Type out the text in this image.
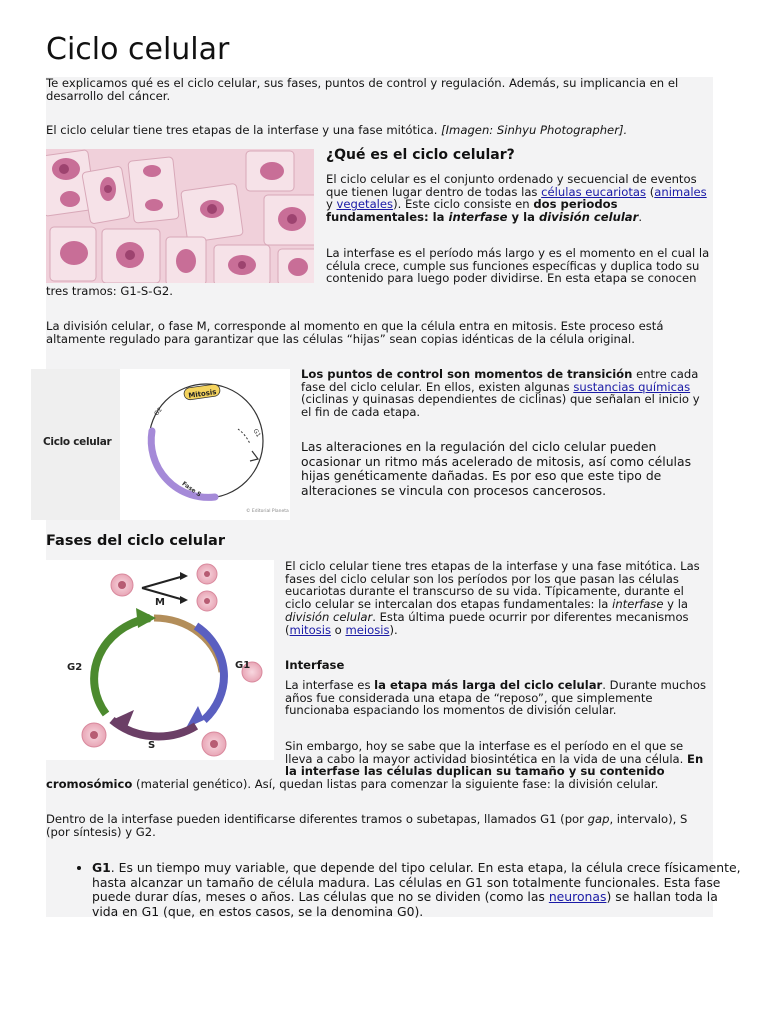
Ciclo celular
Te explicamos qué es el ciclo celular, sus fases, puntos de control y regulación. Además, su implicancia en el desarrollo del cáncer.
El ciclo celular tiene tres etapas de la interfase y una fase mitótica. [Imagen: Sinhyu Photographer].
¿Qué es el ciclo celular?
El ciclo celular es el conjunto ordenado y secuencial de eventos que tienen lugar dentro de todas las células eucariotas (animales y vegetales). Este ciclo consiste en dos periodos fundamentales: la interfase y la división celular.
La interfase es el período más largo y es el momento en el cual la célula crece, cumple sus funciones específicas y duplica todo su contenido para luego poder dividirse. En esta etapa se conocen tres tramos: G1-S-G2.
La división celular, o fase M, corresponde al momento en que la célula entra en mitosis. Este proceso está altamente regulado para garantizar que las células “hijas” sean copias idénticas de la célula original.
Ciclo celular
Mitosis
G2
G1
Fase S
© Editorial Planeta
Los puntos de control son momentos de transición entre cada fase del ciclo celular. En ellos, existen algunas sustancias químicas (ciclinas y quinasas dependientes de ciclinas) que señalan el inicio y el fin de cada etapa.
Las alteraciones en la regulación del ciclo celular pueden ocasionar un ritmo más acelerado de mitosis, así como células hijas genéticamente dañadas. Es por eso que este tipo de alteraciones se vincula con procesos cancerosos.
Fases del ciclo celular
M
G2	G1
S
El ciclo celular tiene tres etapas de la interfase y una fase mitótica. Las fases del ciclo celular son los períodos por los que pasan las células eucariotas durante el transcurso de su vida. Típicamente, durante el ciclo celular se intercalan dos etapas fundamentales: la interfase y la división celular. Esta última puede ocurrir por diferentes mecanismos (mitosis o meiosis).
Interfase
La interfase es la etapa más larga del ciclo celular. Durante muchos años fue considerada una etapa de “reposo”, que simplemente funcionaba espaciando los momentos de división celular.
Sin embargo, hoy se sabe que la interfase es el período en el que se lleva a cabo la mayor actividad biosintética en la vida de una célula. En la interfase las células duplican su tamaño y su contenido cromosómico (material genético). Así, quedan listas para comenzar la siguiente fase: la división celular.
Dentro de la interfase pueden identificarse diferentes tramos o subetapas, llamados G1 (por gap, intervalo), S (por síntesis) y G2.
• G1. Es un tiempo muy variable, que depende del tipo celular. En esta etapa, la célula crece físicamente, hasta alcanzar un tamaño de célula madura. Las células en G1 son totalmente funcionales. Esta fase puede durar días, meses o años. Las células que no se dividen (como las neuronas) se hallan toda la vida en G1 (que, en estos casos, se la denomina G0).
